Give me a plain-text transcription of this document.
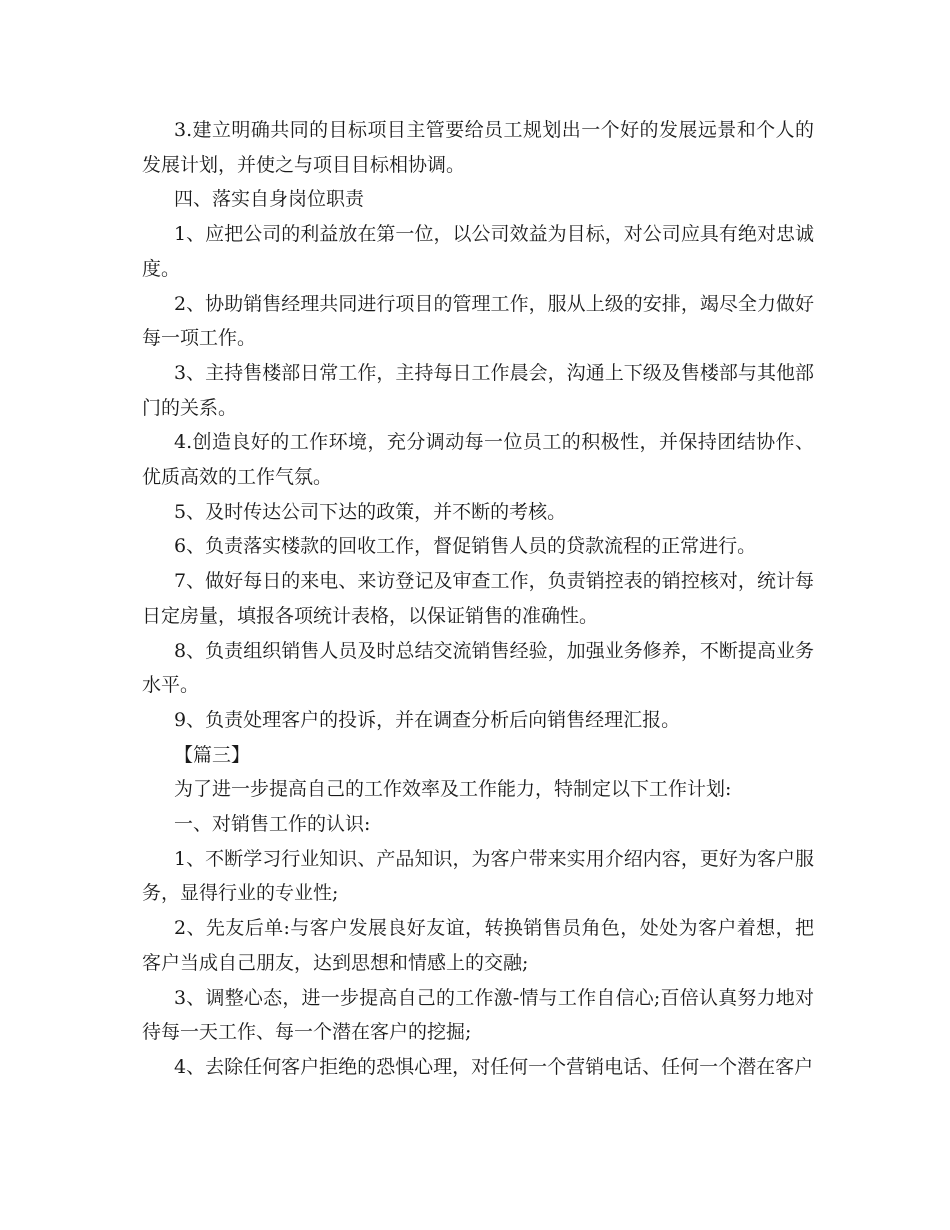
3.建立明确共同的目标项目主管要给员工规划出一个好的发展远景和个人的发展计划，并使之与项目目标相协调。

四、落实自身岗位职责

1、应把公司的利益放在第一位，以公司效益为目标，对公司应具有绝对忠诚度。

2、协助销售经理共同进行项目的管理工作，服从上级的安排，竭尽全力做好每一项工作。

3、主持售楼部日常工作，主持每日工作晨会，沟通上下级及售楼部与其他部门的关系。

4.创造良好的工作环境，充分调动每一位员工的积极性，并保持团结协作、优质高效的工作气氛。

5、及时传达公司下达的政策，并不断的考核。

6、负责落实楼款的回收工作，督促销售人员的贷款流程的正常进行。

7、做好每日的来电、来访登记及审查工作，负责销控表的销控核对，统计每日定房量，填报各项统计表格，以保证销售的准确性。

8、负责组织销售人员及时总结交流销售经验，加强业务修养，不断提高业务水平。

9、负责处理客户的投诉，并在调查分析后向销售经理汇报。

【篇三】

为了进一步提高自己的工作效率及工作能力，特制定以下工作计划:

一、对销售工作的认识:

1、不断学习行业知识、产品知识，为客户带来实用介绍内容，更好为客户服务，显得行业的专业性;

2、先友后单:与客户发展良好友谊，转换销售员角色，处处为客户着想，把客户当成自己朋友，达到思想和情感上的交融;

3、调整心态，进一步提高自己的工作激-情与工作自信心;百倍认真努力地对待每一天工作、每一个潜在客户的挖掘;

4、去除任何客户拒绝的恐惧心理，对任何一个营销电话、任何一个潜在客户
